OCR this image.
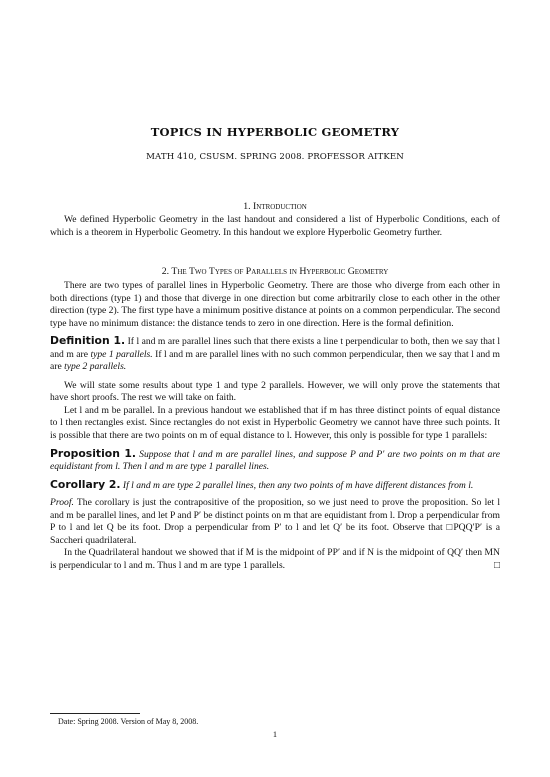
TOPICS IN HYPERBOLIC GEOMETRY
MATH 410, CSUSM. SPRING 2008. PROFESSOR AITKEN
1. Introduction

We defined Hyperbolic Geometry in the last handout and considered a list of Hyperbolic Conditions, each of which is a theorem in Hyperbolic Geometry. In this handout we explore Hyperbolic Geometry further.

2. The Two Types of Parallels in Hyperbolic Geometry

There are two types of parallel lines in Hyperbolic Geometry. There are those who diverge from each other in both directions (type 1) and those that diverge in one direction but come arbitrarily close to each other in the other direction (type 2). The first type have a minimum positive distance at points on a common perpendicular. The second type have no minimum distance: the distance tends to zero in one direction. Here is the formal definition.

Definition 1. If l and m are parallel lines such that there exists a line t perpendicular to both, then we say that l and m are type 1 parallels. If l and m are parallel lines with no such common perpendicular, then we say that l and m are type 2 parallels.

We will state some results about type 1 and type 2 parallels. However, we will only prove the statements that have short proofs. The rest we will take on faith.

Let l and m be parallel. In a previous handout we established that if m has three distinct points of equal distance to l then rectangles exist. Since rectangles do not exist in Hyperbolic Geometry we cannot have three such points. It is possible that there are two points on m of equal distance to l. However, this only is possible for type 1 parallels:

Proposition 1. Suppose that l and m are parallel lines, and suppose P and P′ are two points on m that are equidistant from l. Then l and m are type 1 parallel lines.

Corollary 2. If l and m are type 2 parallel lines, then any two points of m have different distances from l.

Proof. The corollary is just the contrapositive of the proposition, so we just need to prove the proposition. So let l and m be parallel lines, and let P and P′ be distinct points on m that are equidistant from l. Drop a perpendicular from P to l and let Q be its foot. Drop a perpendicular from P′ to l and let Q′ be its foot. Observe that □PQQ′P′ is a Saccheri quadrilateral.

In the Quadrilateral handout we showed that if M is the midpoint of PP′ and if N is the midpoint of QQ′ then MN is perpendicular to l and m. Thus l and m are type 1 parallels.	□

Date: Spring 2008. Version of May 8, 2008.
1
